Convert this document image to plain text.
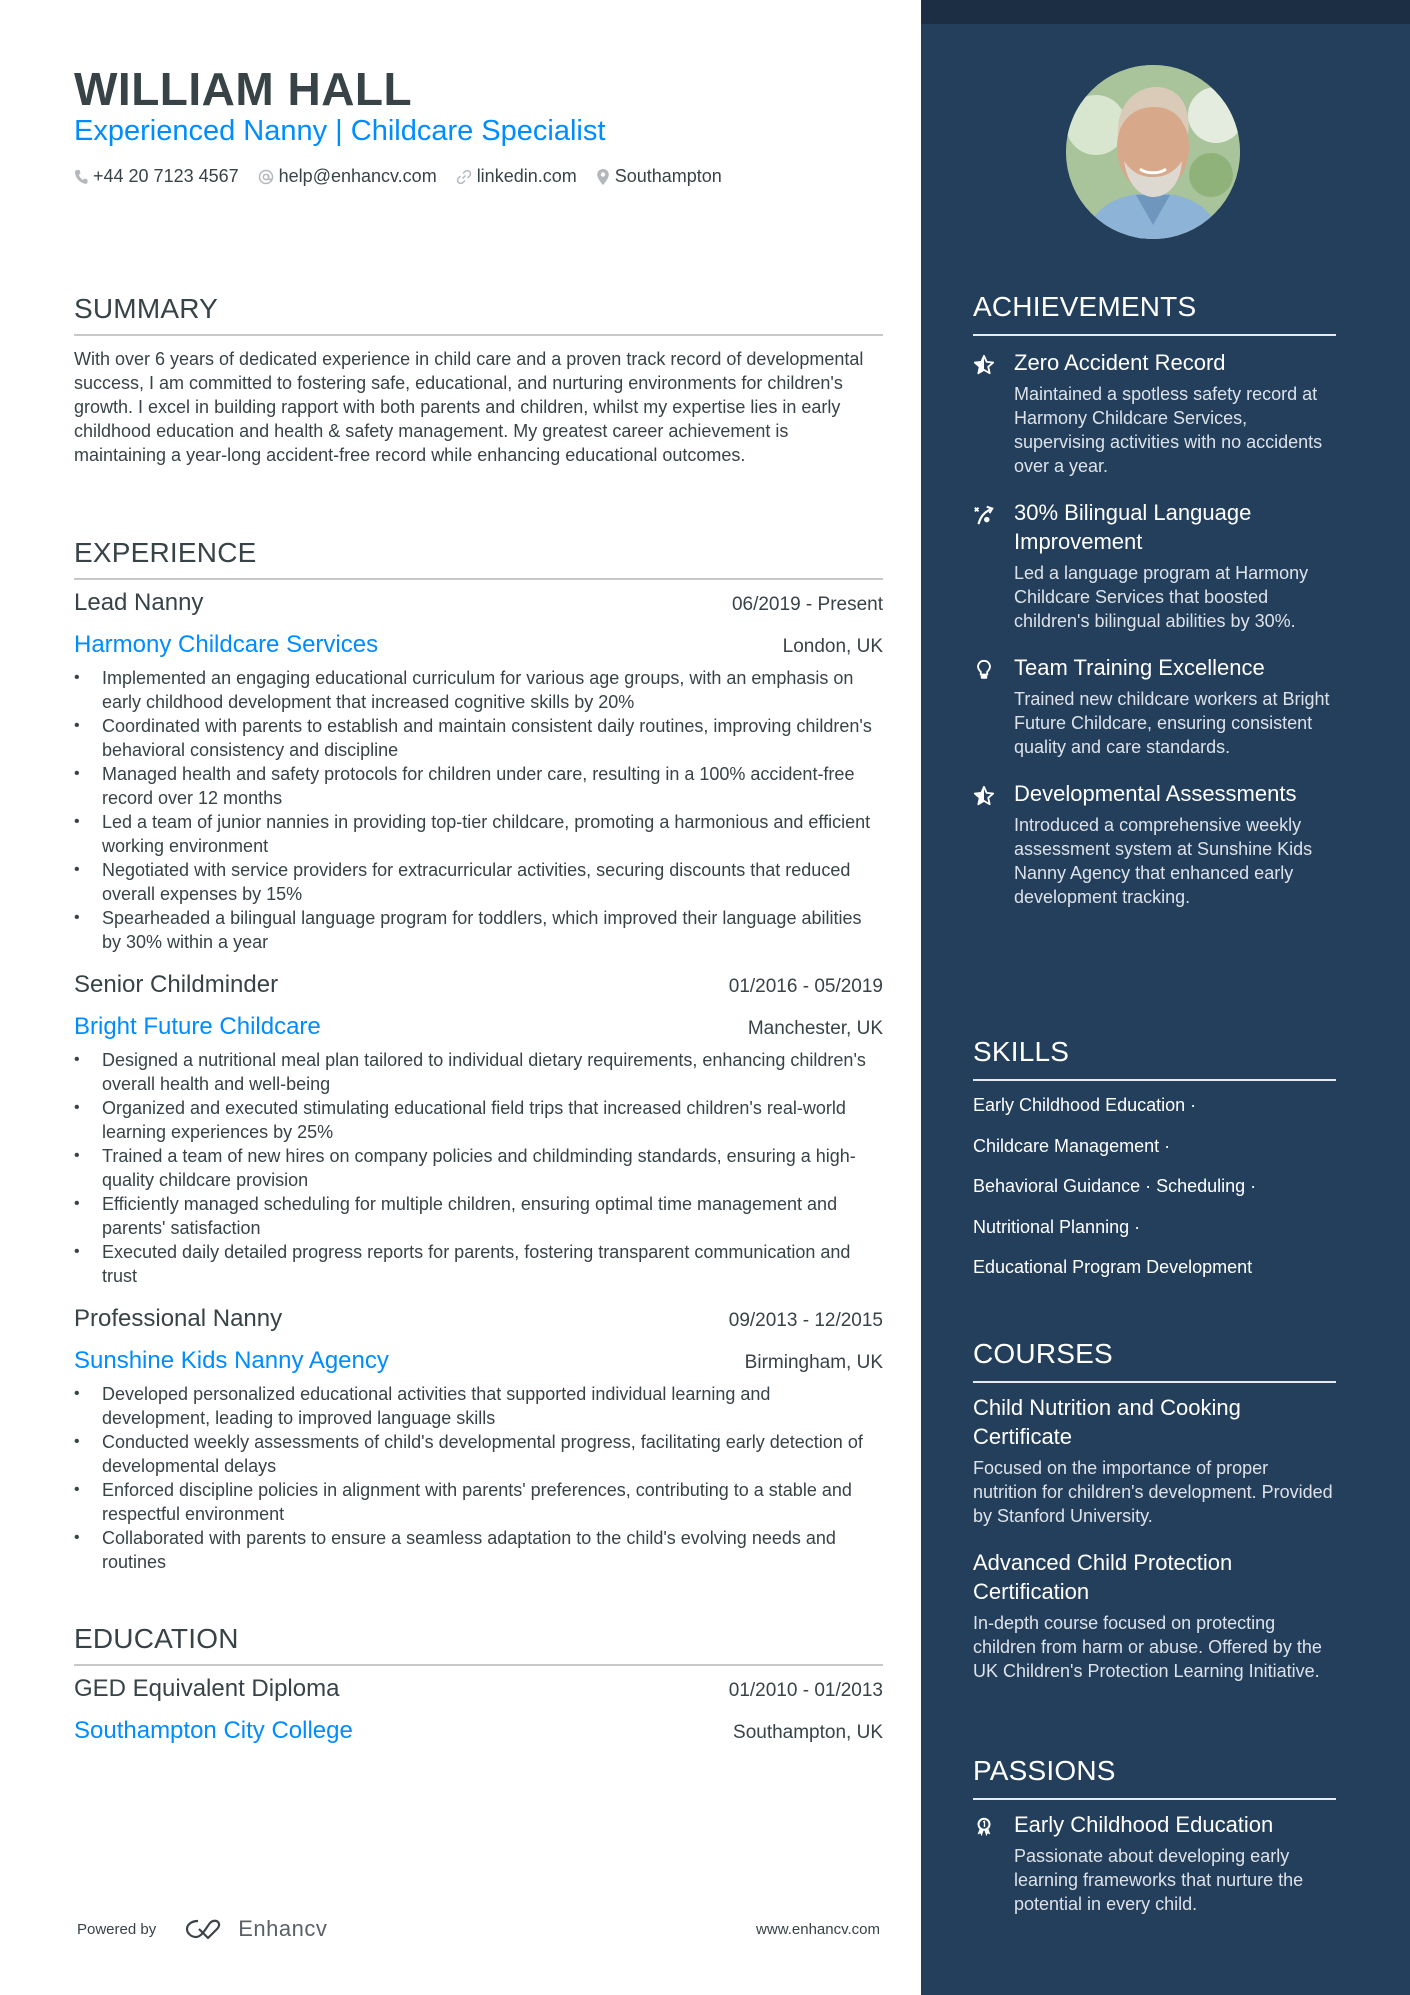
WILLIAM HALL
Experienced Nanny | Childcare Specialist
+44 20 7123 4567 help@enhancv.com linkedin.com Southampton
SUMMARY

With over 6 years of dedicated experience in child care and a proven track record of developmental success, I am committed to fostering safe, educational, and nurturing environments for children's growth. I excel in building rapport with both parents and children, whilst my expertise lies in early childhood education and health & safety management. My greatest career achievement is maintaining a year-long accident-free record while enhancing educational outcomes.

EXPERIENCE
Lead Nanny	06/2019 - Present
Harmony Childcare Services	London, UK
• Implemented an engaging educational curriculum for various age groups, with an emphasis on early childhood development that increased cognitive skills by 20%
• Coordinated with parents to establish and maintain consistent daily routines, improving children's behavioral consistency and discipline
• Managed health and safety protocols for children under care, resulting in a 100% accident-free record over 12 months
• Led a team of junior nannies in providing top-tier childcare, promoting a harmonious and efficient working environment
• Negotiated with service providers for extracurricular activities, securing discounts that reduced overall expenses by 15%
• Spearheaded a bilingual language program for toddlers, which improved their language abilities by 30% within a year
Senior Childminder	01/2016 - 05/2019
Bright Future Childcare	Manchester, UK
• Designed a nutritional meal plan tailored to individual dietary requirements, enhancing children's overall health and well-being
• Organized and executed stimulating educational field trips that increased children's real-world learning experiences by 25%
• Trained a team of new hires on company policies and childminding standards, ensuring a high-quality childcare provision
• Efficiently managed scheduling for multiple children, ensuring optimal time management and parents' satisfaction
• Executed daily detailed progress reports for parents, fostering transparent communication and trust
Professional Nanny	09/2013 - 12/2015
Sunshine Kids Nanny Agency	Birmingham, UK
• Developed personalized educational activities that supported individual learning and development, leading to improved language skills
• Conducted weekly assessments of child's developmental progress, facilitating early detection of developmental delays
• Enforced discipline policies in alignment with parents' preferences, contributing to a stable and respectful environment
• Collaborated with parents to ensure a seamless adaptation to the child's evolving needs and routines
EDUCATION
GED Equivalent Diploma	01/2010 - 01/2013
Southampton City College	Southampton, UK
Powered by	Enhancv	www.enhancv.com
ACHIEVEMENTS
Zero Accident Record
Maintained a spotless safety record at Harmony Childcare Services, supervising activities with no accidents over a year.
30% Bilingual Language Improvement
Led a language program at Harmony Childcare Services that boosted children's bilingual abilities by 30%.
Team Training Excellence
Trained new childcare workers at Bright Future Childcare, ensuring consistent quality and care standards.
Developmental Assessments
Introduced a comprehensive weekly assessment system at Sunshine Kids Nanny Agency that enhanced early development tracking.
SKILLS
Early Childhood Education ·
Childcare Management ·
Behavioral Guidance · Scheduling ·
Nutritional Planning ·
Educational Program Development
COURSES
Child Nutrition and Cooking Certificate
Focused on the importance of proper nutrition for children's development. Provided by Stanford University.
Advanced Child Protection Certification
In-depth course focused on protecting children from harm or abuse. Offered by the UK Children's Protection Learning Initiative.
PASSIONS
Early Childhood Education
Passionate about developing early learning frameworks that nurture the potential in every child.
